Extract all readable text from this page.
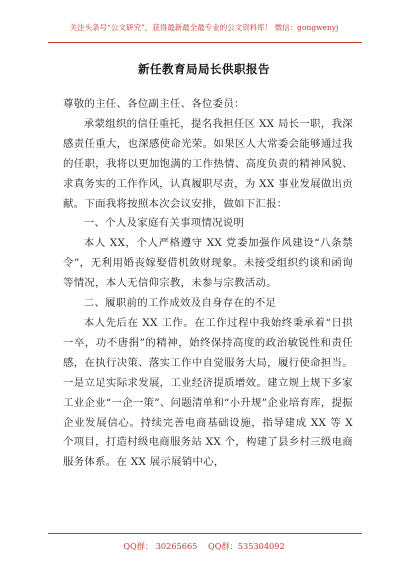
关注头条号“公文研究”，获得最新最全最专业的公文资料库！ 微信：gongwenyj
新任教育局局长供职报告

尊敬的主任、各位副主任、各位委员：

承蒙组织的信任重托，提名我担任区 XX 局长一职，我深感责任重大，也深感使命光荣。如果区人大常委会能够通过我的任职，我将以更加饱满的工作热情、高度负责的精神风貌、求真务实的工作作风，认真履职尽责，为 XX 事业发展做出贡献。下面我将按照本次会议安排，做如下汇报：

一、个人及家庭有关事项情况说明

本人 XX，个人严格遵守 XX 党委加强作风建设“八条禁令”，无利用婚丧嫁娶借机敛财现象。未接受组织约谈和函询等情况，本人无信仰宗教，未参与宗教活动。

二、履职前的工作成效及自身存在的不足

本人先后在 XX 工作。在工作过程中我始终秉承着“日拱一卒，功不唐捐”的精神，始终保持高度的政治敏锐性和责任感，在执行决策、落实工作中自觉服务大局，履行使命担当。一是立足实际求发展，工业经济提质增效。建立规上规下多家工业企业“一企一策”、问题清单和“小升规”企业培育库，提振企业发展信心。持续完善电商基础设施，指导建成 XX 等 X 个项目，打造村级电商服务站 XX 个，构建了县乡村三级电商服务体系。在 XX 展示展销中心，

QQ群： 30265665 QQ群：535304092
